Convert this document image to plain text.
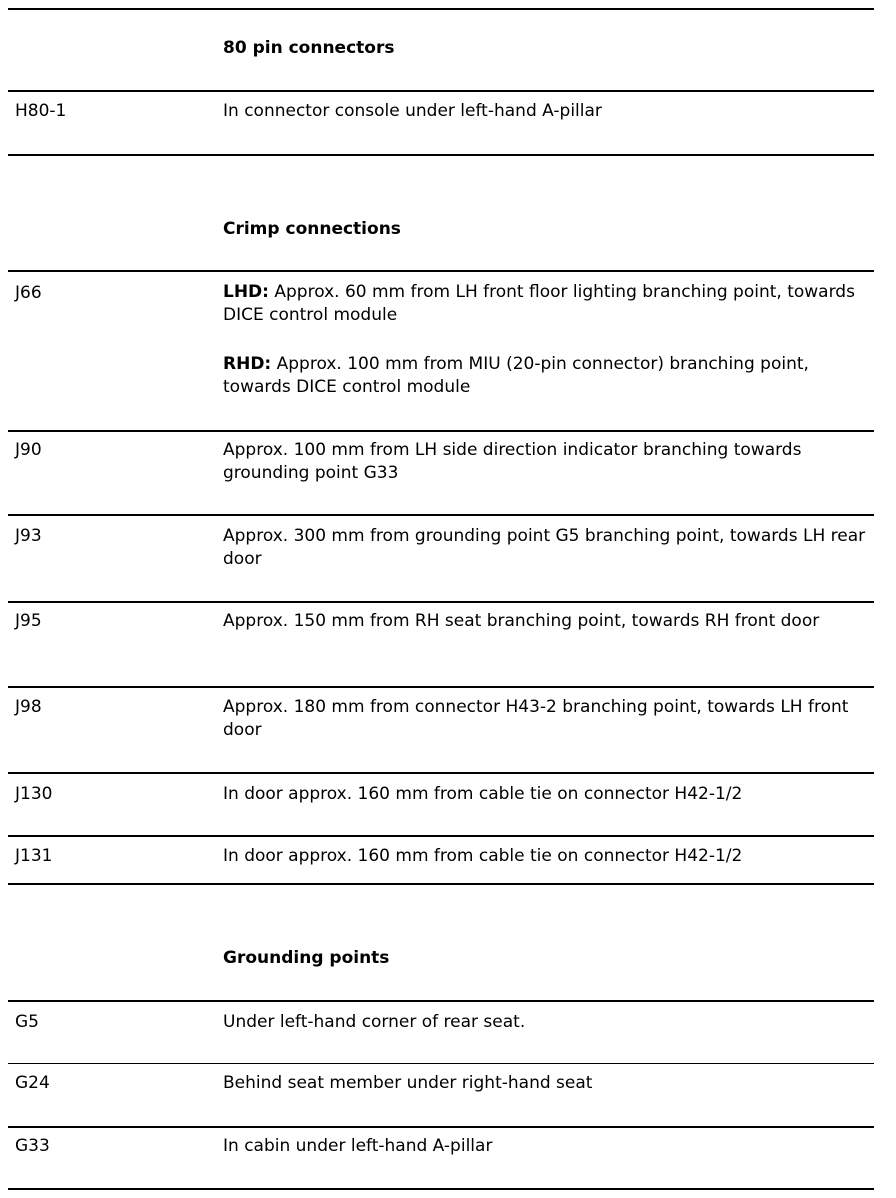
80 pin connectors
H80-1	In connector console under left-hand A-pillar
Crimp connections
J66	LHD: Approx. 60 mm from LH front floor lighting branching point, towards DICE control module
RHD: Approx. 100 mm from MIU (20-pin connector) branching point, towards DICE control module
J90	Approx. 100 mm from LH side direction indicator branching towards grounding point G33
J93	Approx. 300 mm from grounding point G5 branching point, towards LH rear door
J95	Approx. 150 mm from RH seat branching point, towards RH front door
J98	Approx. 180 mm from connector H43-2 branching point, towards LH front door
J130	In door approx. 160 mm from cable tie on connector H42-1/2
J131	In door approx. 160 mm from cable tie on connector H42-1/2
Grounding points
G5	Under left-hand corner of rear seat.
G24	Behind seat member under right-hand seat
G33	In cabin under left-hand A-pillar
